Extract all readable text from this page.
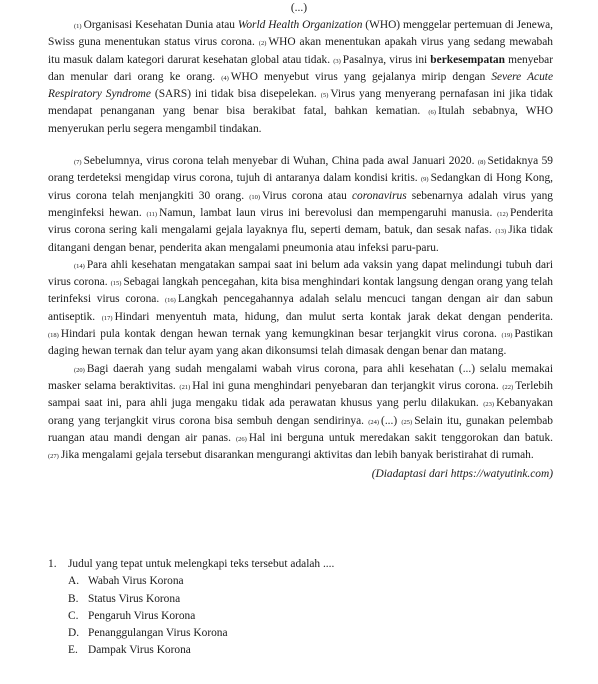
(...)

$^{(1)}$ Organisasi Kesehatan Dunia atau World Health Organization (WHO) menggelar pertemuan di Jenewa, Swiss guna menentukan status virus corona. $^{(2)}$ WHO akan menentukan apakah virus yang sedang mewabah itu masuk dalam kategori darurat kesehatan global atau tidak. $^{(3)}$ Pasalnya, virus ini berkesempatan menyebar dan menular dari orang ke orang. $^{(4)}$ WHO menyebut virus yang gejalanya mirip dengan Severe Acute Respiratory Syndrome (SARS) ini tidak bisa disepelekan. $^{(5)}$ Virus yang menyerang pernafasan ini jika tidak mendapat penanganan yang benar bisa berakibat fatal, bahkan kematian. $^{(6)}$ Itulah sebabnya, WHO menyerukan perlu segera mengambil tindakan.

$^{(7)}$ Sebelumnya, virus corona telah menyebar di Wuhan, China pada awal Januari 2020. $^{(8)}$ Setidaknya 59 orang terdeteksi mengidap virus corona, tujuh di antaranya dalam kondisi kritis. $^{(9)}$ Sedangkan di Hong Kong, virus corona telah menjangkiti 30 orang. $^{(10)}$ Virus corona atau coronavirus sebenarnya adalah virus yang menginfeksi hewan. $^{(11)}$ Namun, lambat laun virus ini berevolusi dan mempengaruhi manusia. $^{(12)}$ Penderita virus corona sering kali mengalami gejala layaknya flu, seperti demam, batuk, dan sesak nafas. $^{(13)}$ Jika tidak ditangani dengan benar, penderita akan mengalami pneumonia atau infeksi paru-paru.

$^{(14)}$ Para ahli kesehatan mengatakan sampai saat ini belum ada vaksin yang dapat melindungi tubuh dari virus corona. $^{(15)}$ Sebagai langkah pencegahan, kita bisa menghindari kontak langsung dengan orang yang telah terinfeksi virus corona. $^{(16)}$ Langkah pencegahannya adalah selalu mencuci tangan dengan air dan sabun antiseptik. $^{(17)}$ Hindari menyentuh mata, hidung, dan mulut serta kontak jarak dekat dengan penderita. $^{(18)}$ Hindari pula kontak dengan hewan ternak yang kemungkinan besar terjangkit virus corona. $^{(19)}$ Pastikan daging hewan ternak dan telur ayam yang akan dikonsumsi telah dimasak dengan benar dan matang.

$^{(20)}$ Bagi daerah yang sudah mengalami wabah virus corona, para ahli kesehatan (...) selalu memakai masker selama beraktivitas. $^{(21)}$ Hal ini guna menghindari penyebaran dan terjangkit virus corona. $^{(22)}$ Terlebih sampai saat ini, para ahli juga mengaku tidak ada perawatan khusus yang perlu dilakukan. $^{(23)}$ Kebanyakan orang yang terjangkit virus corona bisa sembuh dengan sendirinya. $^{(24)}$ (...) $^{(25)}$ Selain itu, gunakan pelembab ruangan atau mandi dengan air panas. $^{(26)}$ Hal ini berguna untuk meredakan sakit tenggorokan dan batuk. $^{(27)}$ Jika mengalami gejala tersebut disarankan mengurangi aktivitas dan lebih banyak beristirahat di rumah.

(Diadaptasi dari https://watyutink.com)
1.	Judul yang tepat untuk melengkapi teks tersebut adalah ....
A. Wabah Virus Korona
B. Status Virus Korona
C. Pengaruh Virus Korona
D. Penanggulangan Virus Korona
E. Dampak Virus Korona
